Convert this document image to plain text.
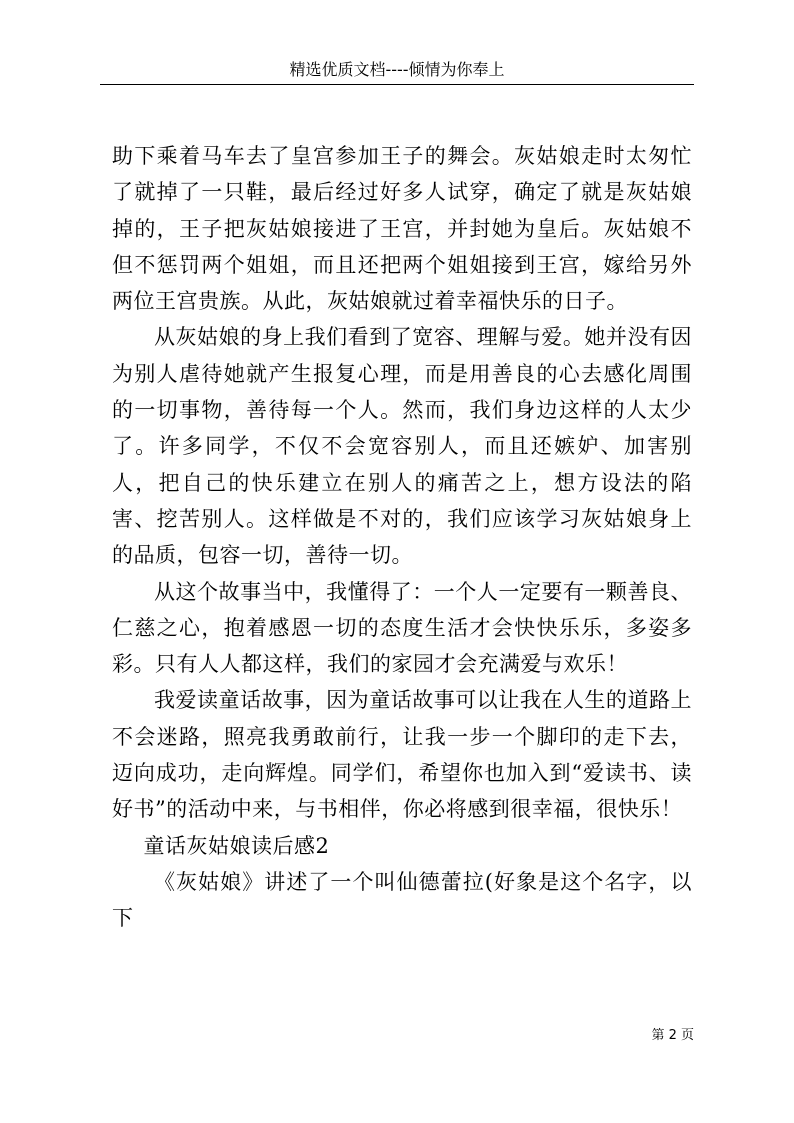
精选优质文档----倾情为你奉上

助下乘着马车去了皇宫参加王子的舞会。灰姑娘走时太匆忙了就掉了一只鞋，最后经过好多人试穿，确定了就是灰姑娘掉的，王子把灰姑娘接进了王宫，并封她为皇后。灰姑娘不但不惩罚两个姐姐，而且还把两个姐姐接到王宫，嫁给另外两位王宫贵族。从此，灰姑娘就过着幸福快乐的日子。

从灰姑娘的身上我们看到了宽容、理解与爱。她并没有因为别人虐待她就产生报复心理，而是用善良的心去感化周围的一切事物，善待每一个人。然而，我们身边这样的人太少了。许多同学，不仅不会宽容别人，而且还嫉妒、加害别人，把自己的快乐建立在别人的痛苦之上，想方设法的陷害、挖苦别人。这样做是不对的，我们应该学习灰姑娘身上的品质，包容一切，善待一切。

从这个故事当中，我懂得了：一个人一定要有一颗善良、仁慈之心，抱着感恩一切的态度生活才会快快乐乐，多姿多彩。只有人人都这样，我们的家园才会充满爱与欢乐！

我爱读童话故事，因为童话故事可以让我在人生的道路上不会迷路，照亮我勇敢前行，让我一步一个脚印的走下去，迈向成功，走向辉煌。同学们，希望你也加入到“爱读书、读好书”的活动中来，与书相伴，你必将感到很幸福，很快乐！

童话灰姑娘读后感2

《灰姑娘》讲述了一个叫仙德蕾拉(好象是这个名字，以下

第 2 页
